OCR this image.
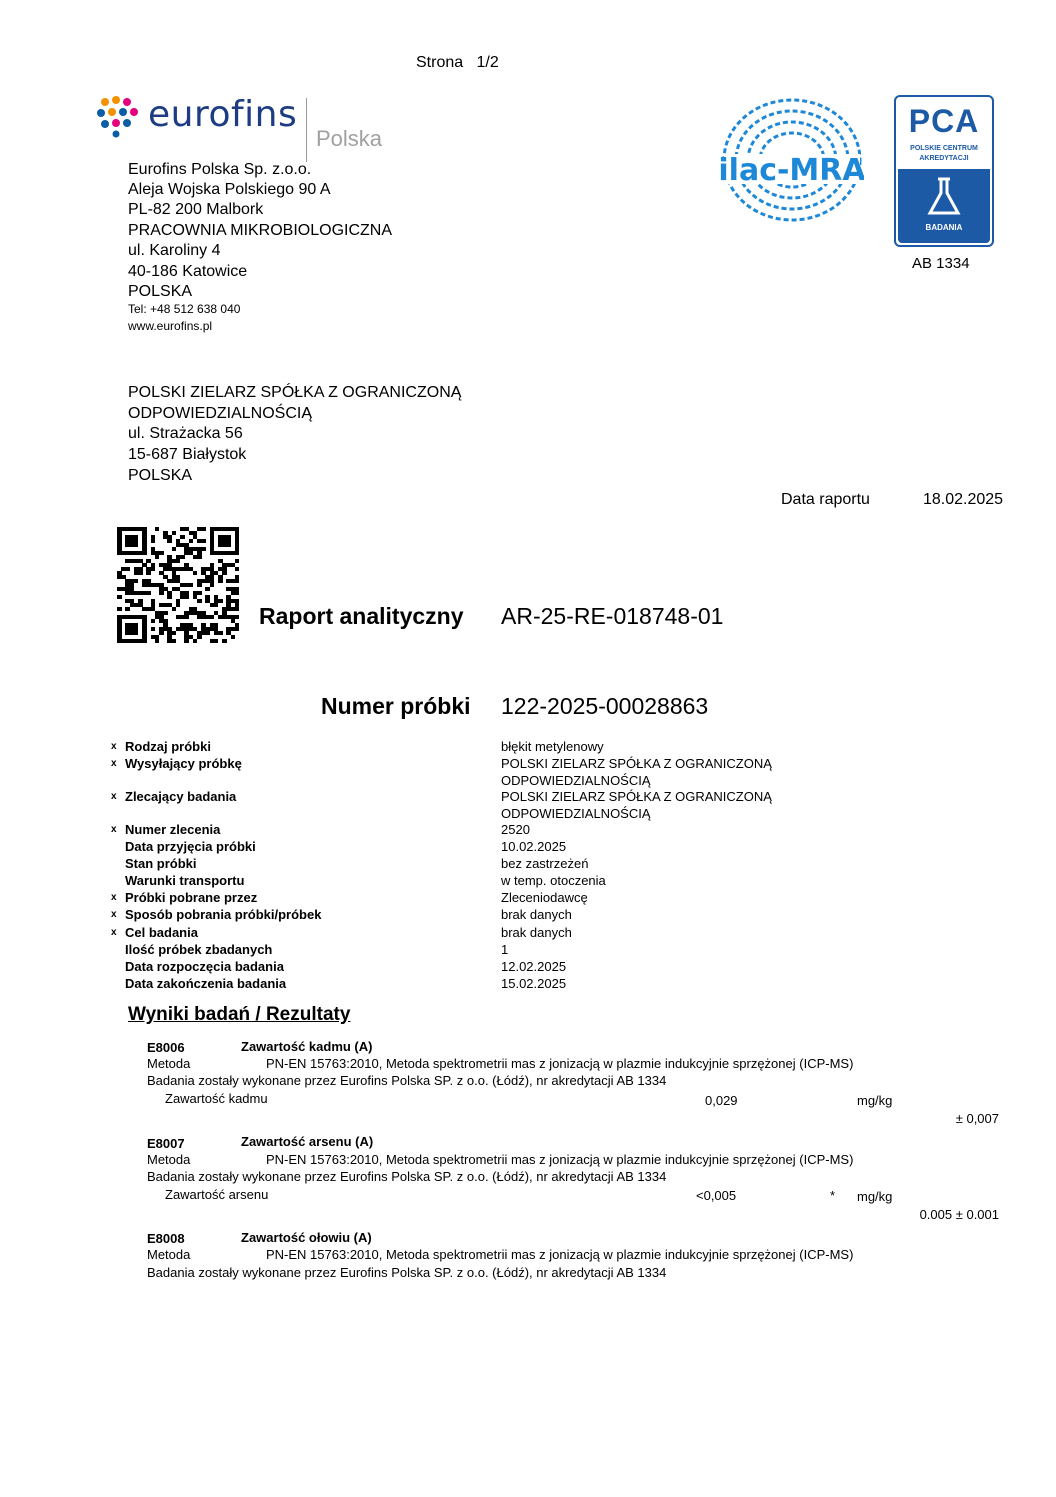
Strona   1/2
eurofins
Polska
Eurofins Polska Sp. z.o.o.
Aleja Wojska Polskiego 90 A
PL-82 200 Malbork
PRACOWNIA MIKROBIOLOGICZNA
ul. Karoliny 4
40-186 Katowice
POLSKA
Tel: +48 512 638 040
www.eurofins.pl
ilac-MRA
PCA
POLSKIE CENTRUM
AKREDYTACJI
BADANIA
AB 1334
POLSKI ZIELARZ SPÓŁKA Z OGRANICZONĄ
ODPOWIEDZIALNOŚCIĄ
ul. Strażacka 56
15-687 Białystok
POLSKA
Data raportu	18.02.2025
Raport analityczny AR-25-RE-018748-01
Numer próbki 122-2025-00028863
x Rodzaj próbki	błękit metylenowy
x Wysyłający próbkę	POLSKI ZIELARZ SPÓŁKA Z OGRANICZONĄ
ODPOWIEDZIALNOŚCIĄ
x Zlecający badania	POLSKI ZIELARZ SPÓŁKA Z OGRANICZONĄ
ODPOWIEDZIALNOŚCIĄ
x Numer zlecenia	2520
Data przyjęcia próbki	10.02.2025
Stan próbki	bez zastrzeżeń
Warunki transportu	w temp. otoczenia
x Próbki pobrane przez	Zleceniodawcę
x Sposób pobrania próbki/próbek	brak danych
x Cel badania	brak danych
Ilość próbek zbadanych	1
Data rozpoczęcia badania	12.02.2025
Data zakończenia badania	15.02.2025
Wyniki badań / Rezultaty
E8006	Zawartość kadmu (A)
Metoda	PN-EN 15763:2010, Metoda spektrometrii mas z jonizacją w plazmie indukcyjnie sprzężonej (ICP-MS)
Badania zostały wykonane przez Eurofins Polska SP. z o.o. (Łódź), nr akredytacji AB 1334
Zawartość kadmu	0,029	mg/kg
± 0,007
E8007	Zawartość arsenu (A)
Metoda	PN-EN 15763:2010, Metoda spektrometrii mas z jonizacją w plazmie indukcyjnie sprzężonej (ICP-MS)
Badania zostały wykonane przez Eurofins Polska SP. z o.o. (Łódź), nr akredytacji AB 1334
Zawartość arsenu	<0,005	* mg/kg
0.005 ± 0.001
E8008	Zawartość ołowiu (A)
Metoda	PN-EN 15763:2010, Metoda spektrometrii mas z jonizacją w plazmie indukcyjnie sprzężonej (ICP-MS)
Badania zostały wykonane przez Eurofins Polska SP. z o.o. (Łódź), nr akredytacji AB 1334
